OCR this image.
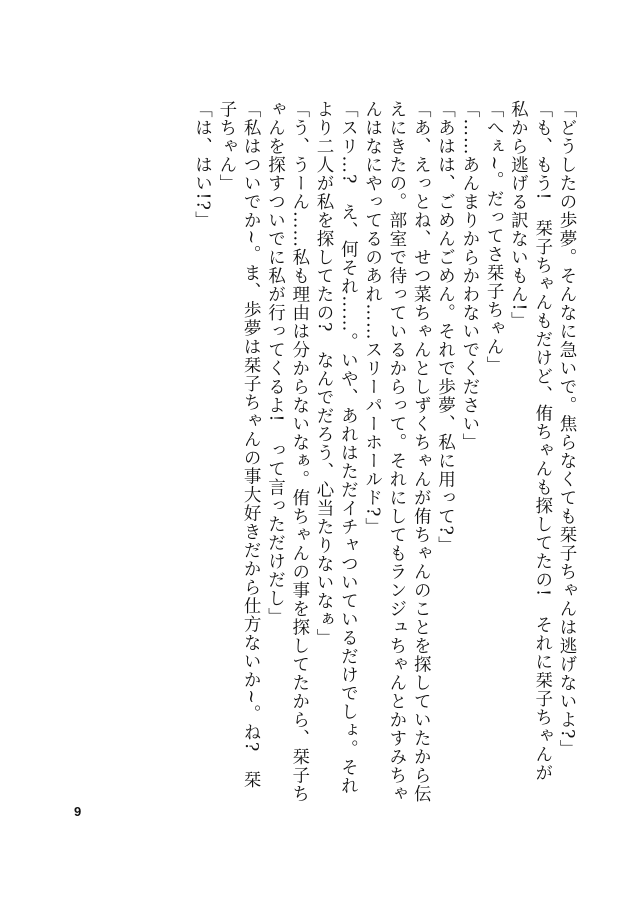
「どうしたの歩夢。そんなに急いで。焦らなくても栞子ちゃんは逃げないよ?」

「も、もう!　栞子ちゃんもだけど、侑ちゃんも探してたの!　それに栞子ちゃんが

私から逃げる訳ないもん!」

「へぇ~。だってさ栞子ちゃん」

「……あんまりからかわないでください」

「あはは、ごめんごめん。それで歩夢、私に用って?」

「あ、えっとね、せつ菜ちゃんとしずくちゃんが侑ちゃんのことを探していたから伝

えにきたの。部室で待っているからって。それにしてもランジュちゃんとかすみちゃ

んはなにやってるのあれ……スリーパーホールド?」

「スリ…?　え、何それ……。いや、あれはただイチャついているだけでしょ。それ

より二人が私を探してたの?　なんでだろう、心当たりないなぁ」

「う、うーん……私も理由は分からないなぁ。侑ちゃんの事を探してたから、栞子ち

ゃんを探すついでに私が行ってくるよ!　って言っただけだし」

「私はついでか~。ま、歩夢は栞子ちゃんの事大好きだから仕方ないか~。ね?　栞

子ちゃん」

「は、はい!?」

9
